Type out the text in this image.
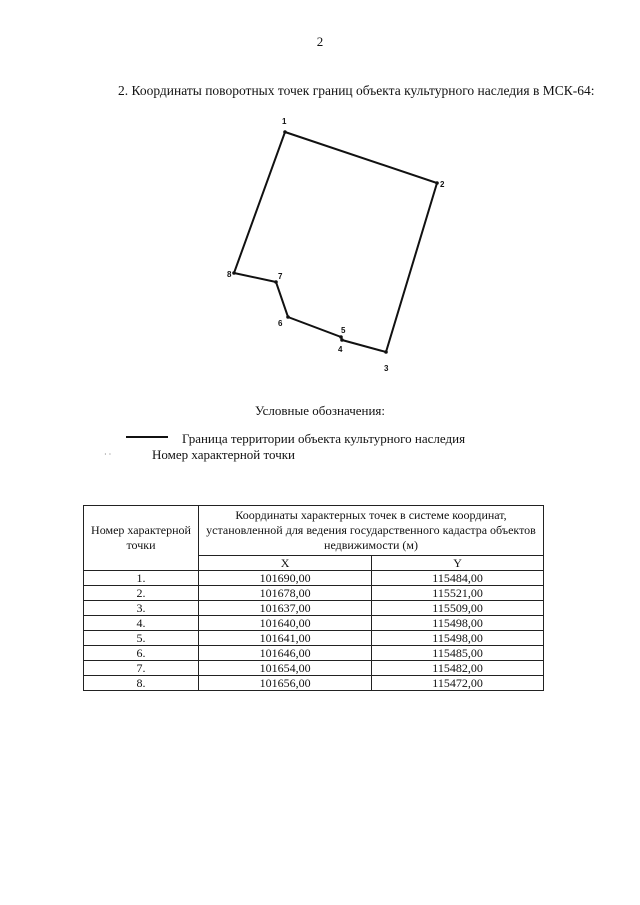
2
2. Координаты поворотных точек границ объекта культурного наследия в МСК-64:
1
2
3
4
5
6
7
8
Условные обозначения:
Граница территории объекта культурного наследия
· ·	Номер характерной точки
Номер характерной точки	Координаты характерных точек в системе координат, установленной для ведения государственного кадастра объектов недвижимости (м)	
	X	Y
1.	101690,00	115484,00
2.	101678,00	115521,00
3.	101637,00	115509,00
4.	101640,00	115498,00
5.	101641,00	115498,00
6.	101646,00	115485,00
7.	101654,00	115482,00
8.	101656,00	115472,00
